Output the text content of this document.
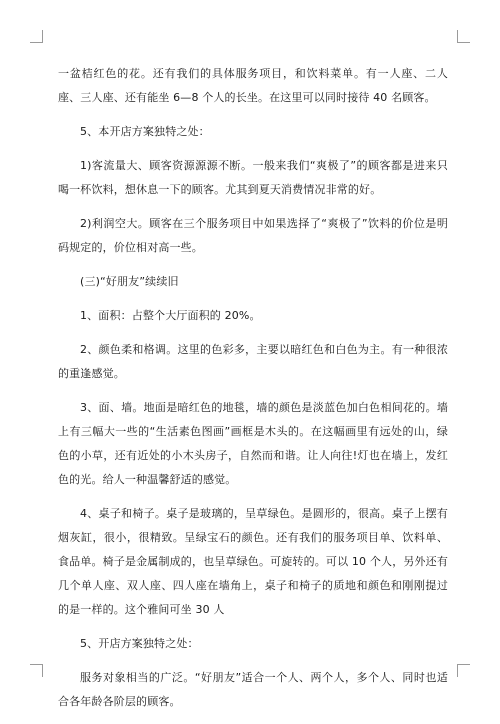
一盆桔红色的花。还有我们的具体服务项目，和饮料菜单。有一人座、二人座、三人座、还有能坐 6—8 个人的长坐。在这里可以同时接待 40 名顾客。

5、本开店方案独特之处：

1)客流量大、顾客资源源源不断。一般来我们“爽极了”的顾客都是进来只喝一杯饮料，想休息一下的顾客。尤其到夏天消费情况非常的好。

2)利润空大。顾客在三个服务项目中如果选择了“爽极了”饮料的价位是明码规定的，价位相对高一些。

(三)“好朋友”续续旧

1、面积：占整个大厅面积的 20%。

2、颜色柔和格调。这里的色彩多，主要以暗红色和白色为主。有一种很浓的重逢感觉。

3、面、墙。地面是暗红色的地毯，墙的颜色是淡蓝色加白色相间花的。墙上有三幅大一些的“生活素色图画”画框是木头的。在这幅画里有远处的山，绿色的小草，还有近处的小木头房子，自然而和谐。让人向往!灯也在墙上，发红色的光。给人一种温馨舒适的感觉。

4、桌子和椅子。桌子是玻璃的，呈草绿色。是圆形的，很高。桌子上摆有烟灰缸，很小，很精致。呈绿宝石的颜色。还有我们的服务项目单、饮料单、食品单。椅子是金属制成的，也呈草绿色。可旋转的。可以 10 个人，另外还有几个单人座、双人座、四人座在墙角上，桌子和椅子的质地和颜色和刚刚提过的是一样的。这个雅间可坐 30 人

5、开店方案独特之处：

服务对象相当的广泛。“好朋友”适合一个人、两个人，多个人、同时也适合各年龄各阶层的顾客。
